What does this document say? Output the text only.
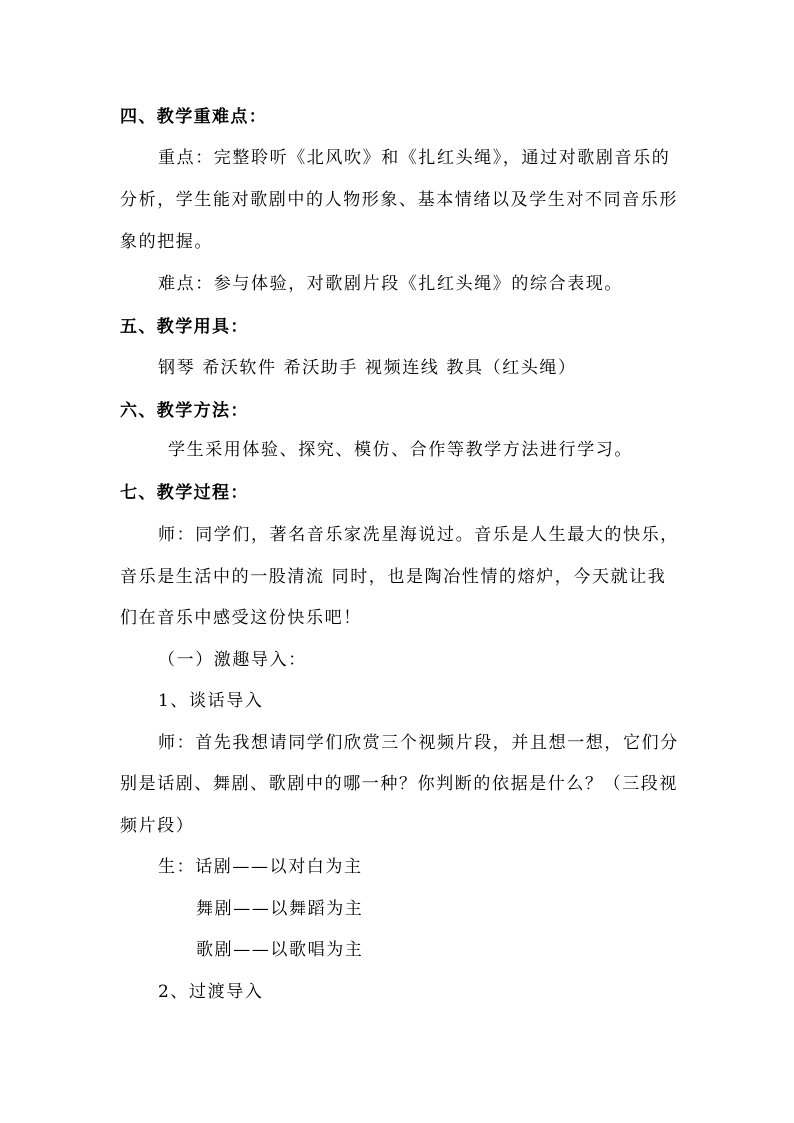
四、教学重难点：
重点：完整聆听《北风吹》和《扎红头绳》，通过对歌剧音乐的
分析，学生能对歌剧中的人物形象、基本情绪以及学生对不同音乐形
象的把握。
难点：参与体验，对歌剧片段《扎红头绳》的综合表现。
五、教学用具：
钢琴 希沃软件 希沃助手 视频连线 教具（红头绳）
六、教学方法：
学生采用体验、探究、模仿、合作等教学方法进行学习。
七、教学过程：
师：同学们，著名音乐家冼星海说过。音乐是人生最大的快乐，
音乐是生活中的一股清流 同时，也是陶冶性情的熔炉，今天就让我
们在音乐中感受这份快乐吧！
（一）激趣导入：
1、谈话导入
师：首先我想请同学们欣赏三个视频片段，并且想一想，它们分
别是话剧、舞剧、歌剧中的哪一种？你判断的依据是什么？（三段视
频片段）
生：话剧——以对白为主
舞剧——以舞蹈为主
歌剧——以歌唱为主
2、过渡导入
